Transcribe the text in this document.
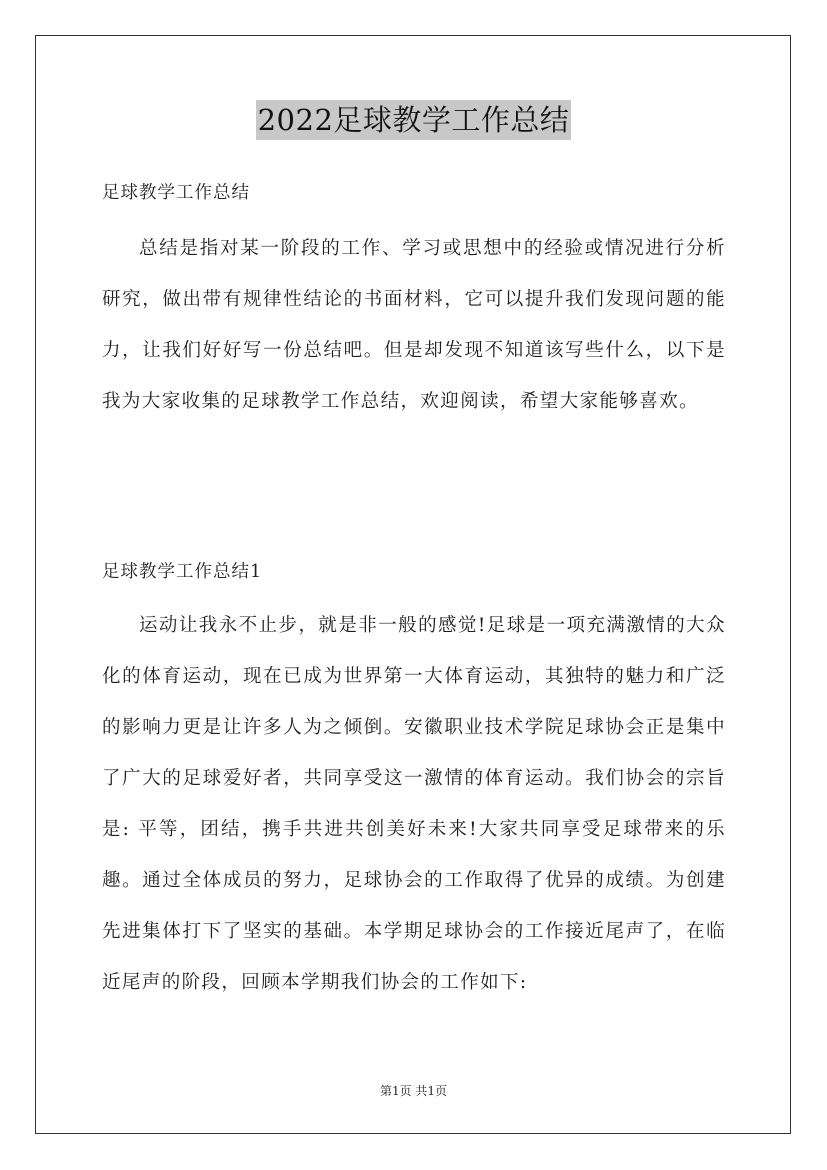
2022足球教学工作总结
足球教学工作总结

总结是指对某一阶段的工作、学习或思想中的经验或情况进行分析研究，做出带有规律性结论的书面材料，它可以提升我们发现问题的能力，让我们好好写一份总结吧。但是却发现不知道该写些什么，以下是我为大家收集的足球教学工作总结，欢迎阅读，希望大家能够喜欢。

足球教学工作总结1

运动让我永不止步，就是非一般的感觉!足球是一项充满激情的大众化的体育运动，现在已成为世界第一大体育运动，其独特的魅力和广泛的影响力更是让许多人为之倾倒。安徽职业技术学院足球协会正是集中了广大的足球爱好者，共同享受这一激情的体育运动。我们协会的宗旨是: 平等，团结，携手共进共创美好未来!大家共同享受足球带来的乐趣。通过全体成员的努力，足球协会的工作取得了优异的成绩。为创建先进集体打下了坚实的基础。本学期足球协会的工作接近尾声了，在临近尾声的阶段，回顾本学期我们协会的工作如下:

第1页 共1页
